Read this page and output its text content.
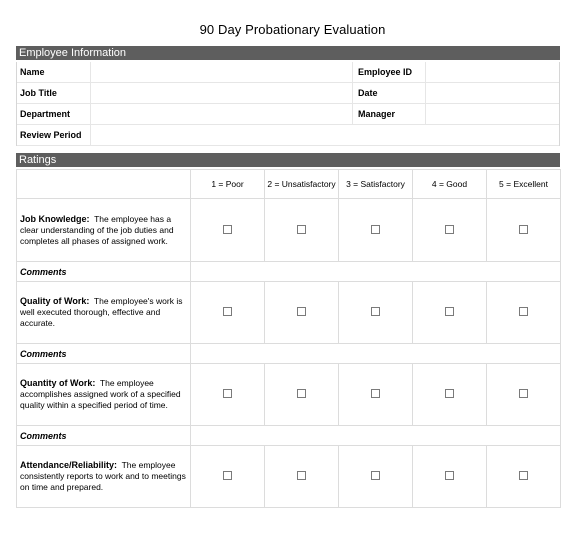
90 Day Probationary Evaluation
Employee Information
Name	Employee ID
Job Title	Date
Department	Manager
Review Period
Ratings
	1 = Poor	2 = Unsatisfactory	3 = Satisfactory	4 = Good	5 = Excellent
Job Knowledge: The employee has a clear understanding of the job duties and completes all phases of assigned work.					
Comments					
Quality of Work: The employee's work is well executed thorough, effective and accurate.					
Comments					
Quantity of Work: The employee accomplishes assigned work of a specified quality within a specified period of time.					
Comments					
Attendance/Reliability: The employee consistently reports to work and to meetings on time and prepared.					
